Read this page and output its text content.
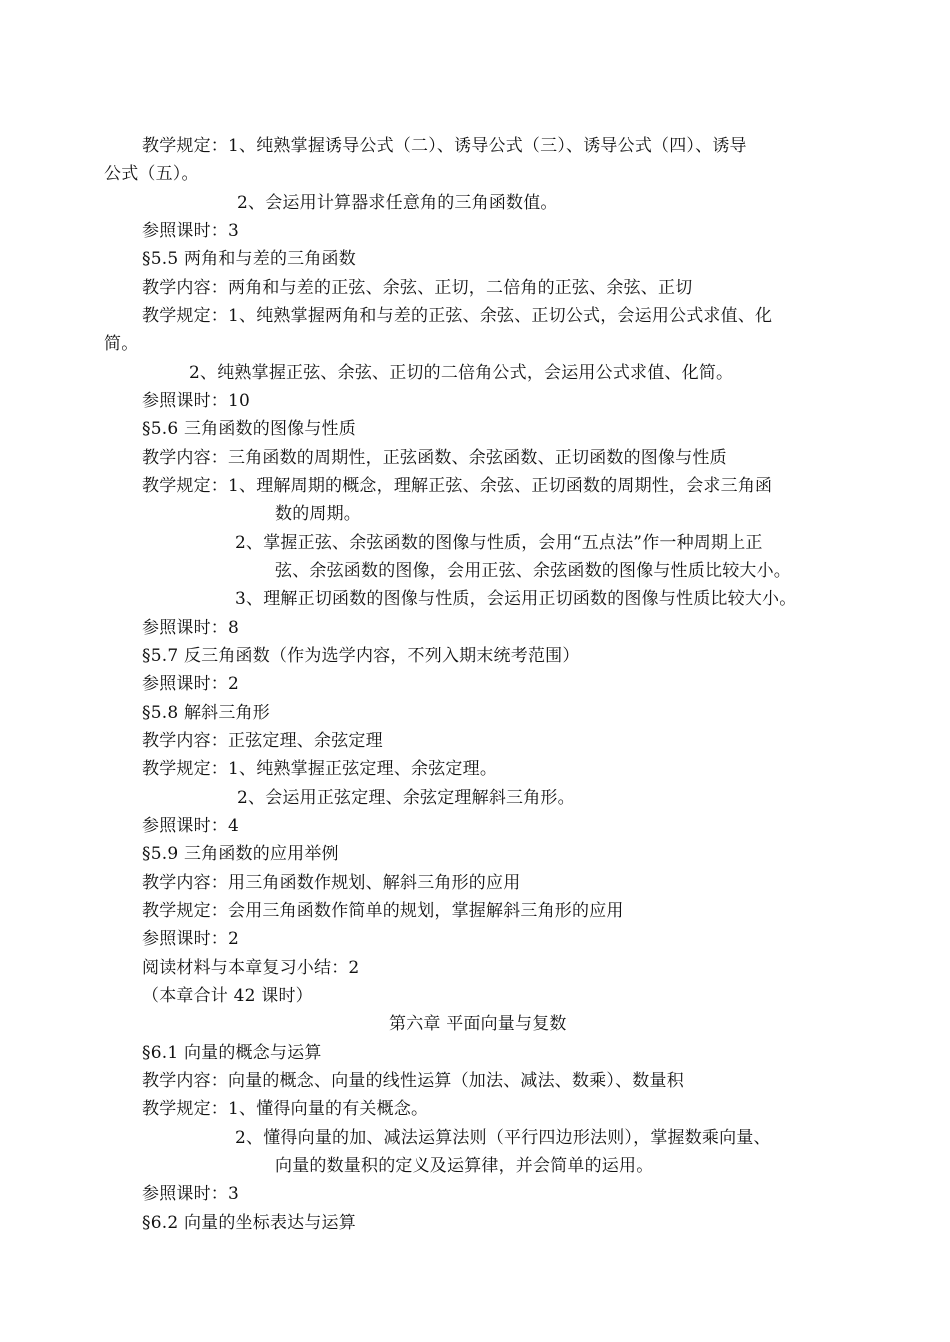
教学规定：1、纯熟掌握诱导公式（二）、诱导公式（三）、诱导公式（四）、诱导
公式（五）。
2、会运用计算器求任意角的三角函数值。
参照课时：3
§5.5 两角和与差的三角函数
教学内容：两角和与差的正弦、余弦、正切，二倍角的正弦、余弦、正切
教学规定：1、纯熟掌握两角和与差的正弦、余弦、正切公式，会运用公式求值、化
简。
2、纯熟掌握正弦、余弦、正切的二倍角公式，会运用公式求值、化简。
参照课时：10
§5.6 三角函数的图像与性质
教学内容：三角函数的周期性，正弦函数、余弦函数、正切函数的图像与性质
教学规定：1、理解周期的概念，理解正弦、余弦、正切函数的周期性，会求三角函
数的周期。
2、掌握正弦、余弦函数的图像与性质，会用“五点法”作一种周期上正
弦、余弦函数的图像，会用正弦、余弦函数的图像与性质比较大小。
3、理解正切函数的图像与性质，会运用正切函数的图像与性质比较大小。
参照课时：8
§5.7 反三角函数（作为选学内容，不列入期末统考范围）
参照课时：2
§5.8 解斜三角形
教学内容：正弦定理、余弦定理
教学规定：1、纯熟掌握正弦定理、余弦定理。
2、会运用正弦定理、余弦定理解斜三角形。
参照课时：4
§5.9 三角函数的应用举例
教学内容：用三角函数作规划、解斜三角形的应用
教学规定：会用三角函数作简单的规划，掌握解斜三角形的应用
参照课时：2
阅读材料与本章复习小结：2
（本章合计 42 课时）
第六章 平面向量与复数
§6.1 向量的概念与运算
教学内容：向量的概念、向量的线性运算（加法、减法、数乘）、数量积
教学规定：1、懂得向量的有关概念。
2、懂得向量的加、减法运算法则（平行四边形法则），掌握数乘向量、
向量的数量积的定义及运算律，并会简单的运用。
参照课时：3
§6.2 向量的坐标表达与运算
